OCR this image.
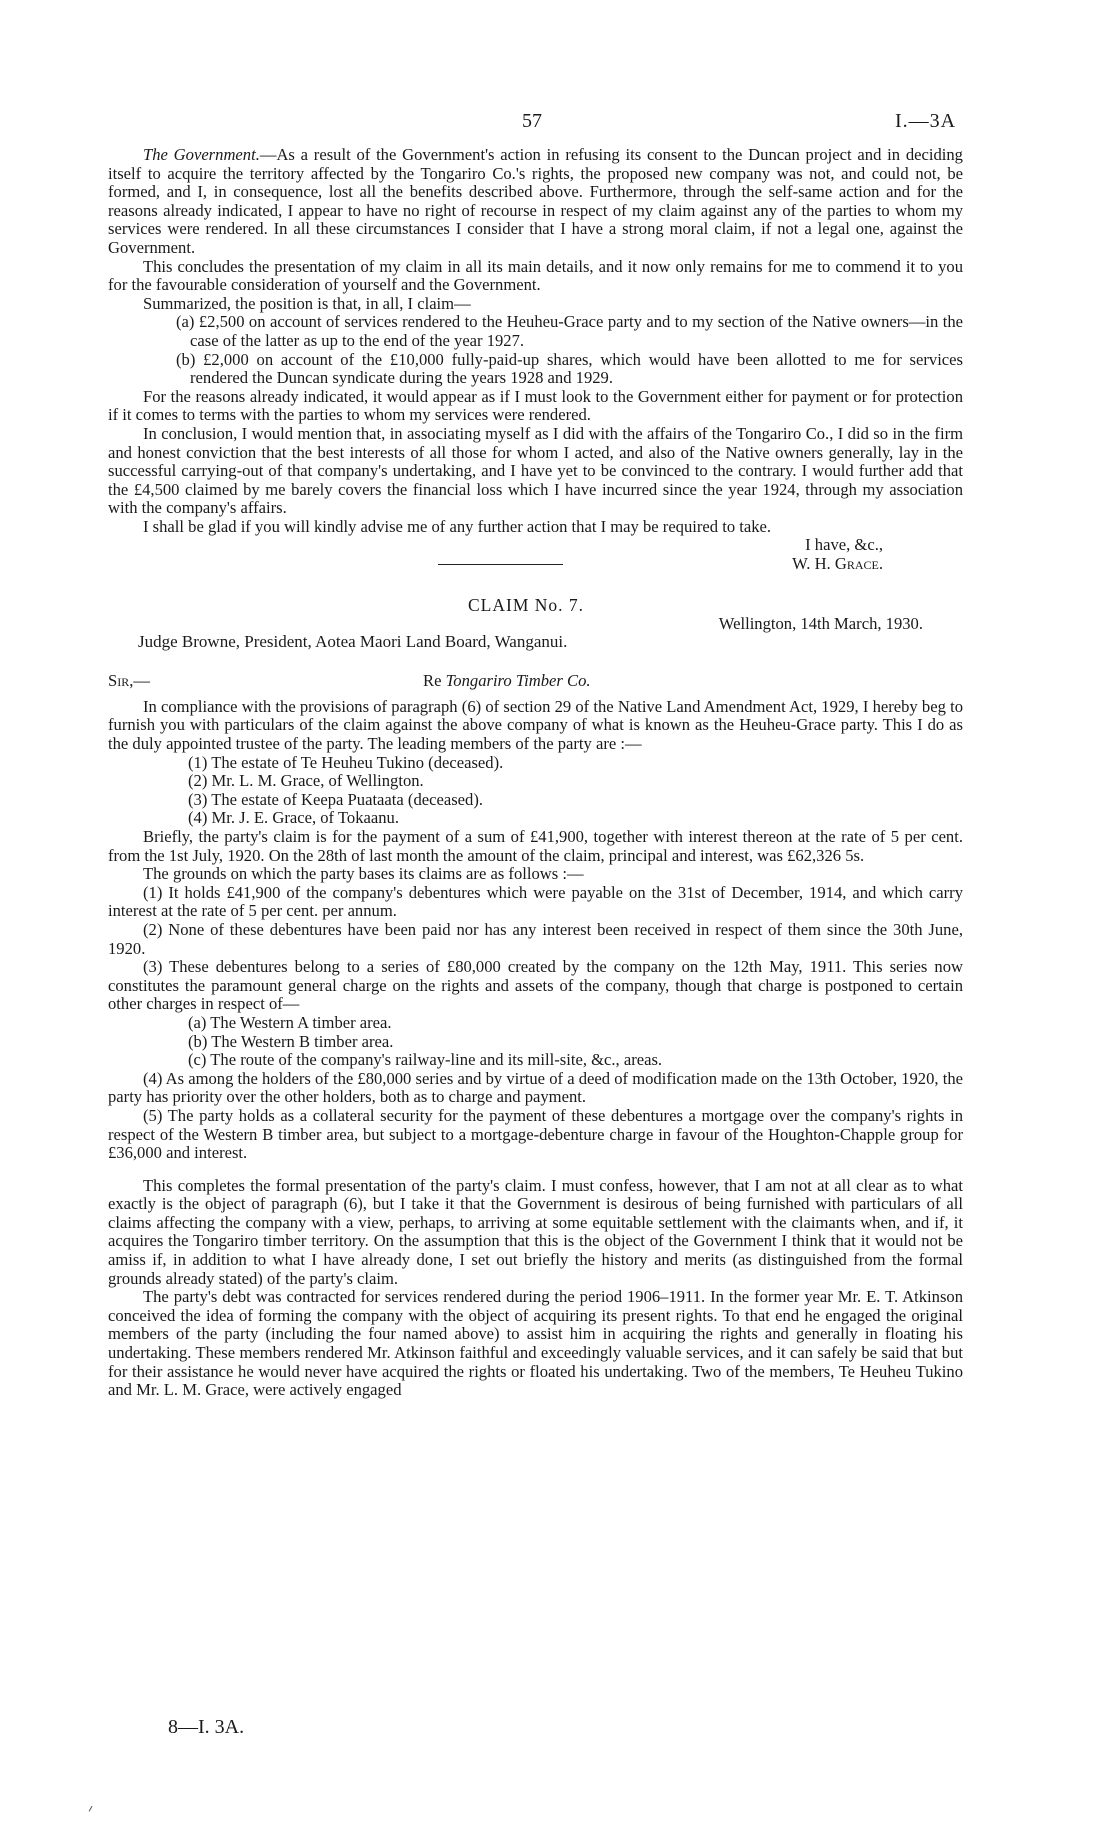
57	I.—3A

The Government.—As a result of the Government's action in refusing its consent to the Duncan project and in deciding itself to acquire the territory affected by the Tongariro Co.'s rights, the proposed new company was not, and could not, be formed, and I, in consequence, lost all the benefits described above. Furthermore, through the self-same action and for the reasons already indicated, I appear to have no right of recourse in respect of my claim against any of the parties to whom my services were rendered. In all these circumstances I consider that I have a strong moral claim, if not a legal one, against the Government.

This concludes the presentation of my claim in all its main details, and it now only remains for me to commend it to you for the favourable consideration of yourself and the Government.

Summarized, the position is that, in all, I claim—

(a) £2,500 on account of services rendered to the Heuheu-Grace party and to my section of the Native owners—in the case of the latter as up to the end of the year 1927.

(b) £2,000 on account of the £10,000 fully-paid-up shares, which would have been allotted to me for services rendered the Duncan syndicate during the years 1928 and 1929.

For the reasons already indicated, it would appear as if I must look to the Government either for payment or for protection if it comes to terms with the parties to whom my services were rendered.

In conclusion, I would mention that, in associating myself as I did with the affairs of the Tongariro Co., I did so in the firm and honest conviction that the best interests of all those for whom I acted, and also of the Native owners generally, lay in the successful carrying-out of that company's undertaking, and I have yet to be convinced to the contrary. I would further add that the £4,500 claimed by me barely covers the financial loss which I have incurred since the year 1924, through my association with the company's affairs.

I shall be glad if you will kindly advise me of any further action that I may be required to take.

I have, &c.,

W. H. Grace.

CLAIM No. 7.

Wellington, 14th March, 1930.

Judge Browne, President, Aotea Maori Land Board, Wanganui.

Sir,—	Re Tongariro Timber Co.

In compliance with the provisions of paragraph (6) of section 29 of the Native Land Amendment Act, 1929, I hereby beg to furnish you with particulars of the claim against the above company of what is known as the Heuheu-Grace party. This I do as the duly appointed trustee of the party. The leading members of the party are :—

(1) The estate of Te Heuheu Tukino (deceased).

(2) Mr. L. M. Grace, of Wellington.

(3) The estate of Keepa Puataata (deceased).

(4) Mr. J. E. Grace, of Tokaanu.

Briefly, the party's claim is for the payment of a sum of £41,900, together with interest thereon at the rate of 5 per cent. from the 1st July, 1920. On the 28th of last month the amount of the claim, principal and interest, was £62,326 5s.

The grounds on which the party bases its claims are as follows :—

(1) It holds £41,900 of the company's debentures which were payable on the 31st of December, 1914, and which carry interest at the rate of 5 per cent. per annum.

(2) None of these debentures have been paid nor has any interest been received in respect of them since the 30th June, 1920.

(3) These debentures belong to a series of £80,000 created by the company on the 12th May, 1911. This series now constitutes the paramount general charge on the rights and assets of the company, though that charge is postponed to certain other charges in respect of—

(a) The Western A timber area.

(b) The Western B timber area.

(c) The route of the company's railway-line and its mill-site, &c., areas.

(4) As among the holders of the £80,000 series and by virtue of a deed of modification made on the 13th October, 1920, the party has priority over the other holders, both as to charge and payment.

(5) The party holds as a collateral security for the payment of these debentures a mortgage over the company's rights in respect of the Western B timber area, but subject to a mortgage-debenture charge in favour of the Houghton-Chapple group for £36,000 and interest.

This completes the formal presentation of the party's claim. I must confess, however, that I am not at all clear as to what exactly is the object of paragraph (6), but I take it that the Government is desirous of being furnished with particulars of all claims affecting the company with a view, perhaps, to arriving at some equitable settlement with the claimants when, and if, it acquires the Tongariro timber territory. On the assumption that this is the object of the Government I think that it would not be amiss if, in addition to what I have already done, I set out briefly the history and merits (as distinguished from the formal grounds already stated) of the party's claim.

The party's debt was contracted for services rendered during the period 1906–1911. In the former year Mr. E. T. Atkinson conceived the idea of forming the company with the object of acquiring its present rights. To that end he engaged the original members of the party (including the four named above) to assist him in acquiring the rights and generally in floating his undertaking. These members rendered Mr. Atkinson faithful and exceedingly valuable services, and it can safely be said that but for their assistance he would never have acquired the rights or floated his undertaking. Two of the members, Te Heuheu Tukino and Mr. L. M. Grace, were actively engaged

8—I. 3A.
